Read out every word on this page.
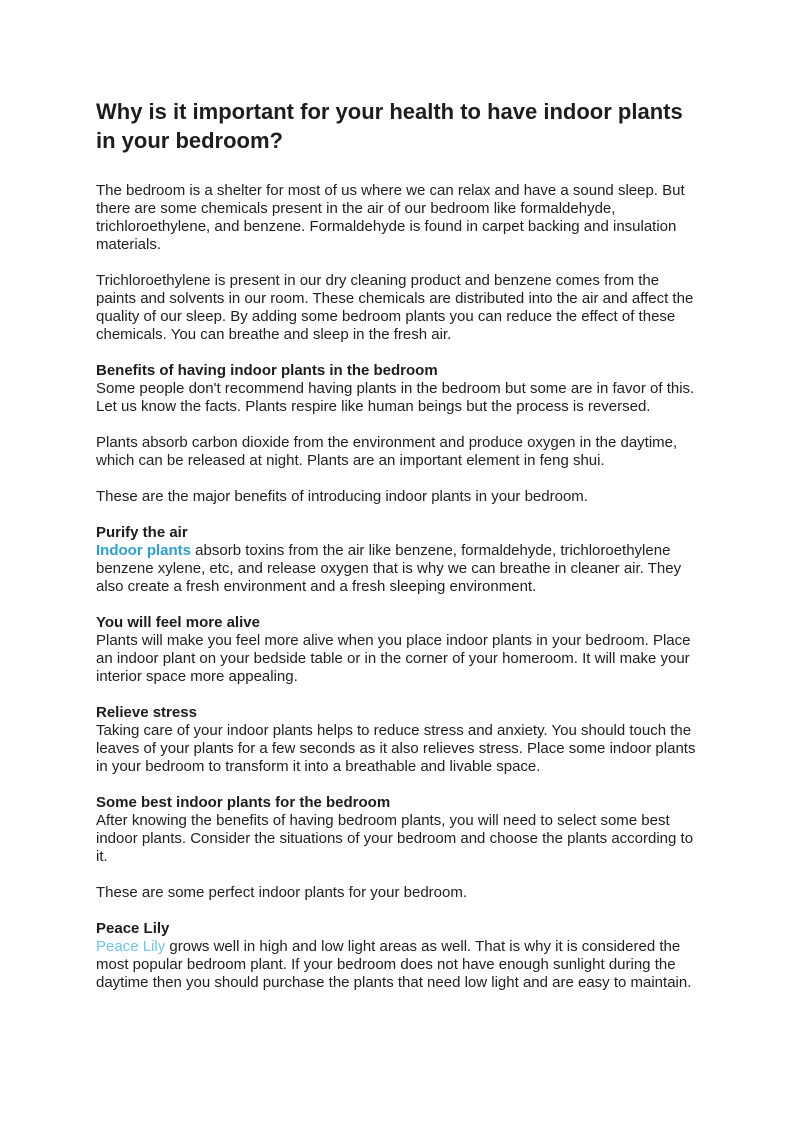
Why is it important for your health to have indoor plants in your bedroom?

The bedroom is a shelter for most of us where we can relax and have a sound sleep. But there are some chemicals present in the air of our bedroom like formaldehyde, trichloroethylene, and benzene. Formaldehyde is found in carpet backing and insulation materials.

Trichloroethylene is present in our dry cleaning product and benzene comes from the paints and solvents in our room. These chemicals are distributed into the air and affect the quality of our sleep. By adding some bedroom plants you can reduce the effect of these chemicals. You can breathe and sleep in the fresh air.

Benefits of having indoor plants in the bedroom

Some people don't recommend having plants in the bedroom but some are in favor of this. Let us know the facts. Plants respire like human beings but the process is reversed.

Plants absorb carbon dioxide from the environment and produce oxygen in the daytime, which can be released at night. Plants are an important element in feng shui.

These are the major benefits of introducing indoor plants in your bedroom.

Purify the air

Indoor plants absorb toxins from the air like benzene, formaldehyde, trichloroethylene benzene xylene, etc, and release oxygen that is why we can breathe in cleaner air. They also create a fresh environment and a fresh sleeping environment.

You will feel more alive

Plants will make you feel more alive when you place indoor plants in your bedroom. Place an indoor plant on your bedside table or in the corner of your homeroom. It will make your interior space more appealing.

Relieve stress

Taking care of your indoor plants helps to reduce stress and anxiety. You should touch the leaves of your plants for a few seconds as it also relieves stress. Place some indoor plants in your bedroom to transform it into a breathable and livable space.

Some best indoor plants for the bedroom

After knowing the benefits of having bedroom plants, you will need to select some best indoor plants. Consider the situations of your bedroom and choose the plants according to it.

These are some perfect indoor plants for your bedroom.

Peace Lily

Peace Lily grows well in high and low light areas as well. That is why it is considered the most popular bedroom plant. If your bedroom does not have enough sunlight during the daytime then you should purchase the plants that need low light and are easy to maintain.
